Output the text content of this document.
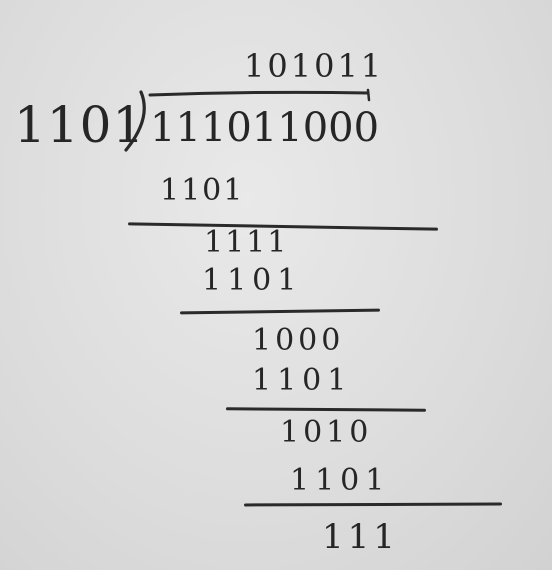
101011
1101 111011000
1101
1111
1101
1000
1101
1010
1101
111
